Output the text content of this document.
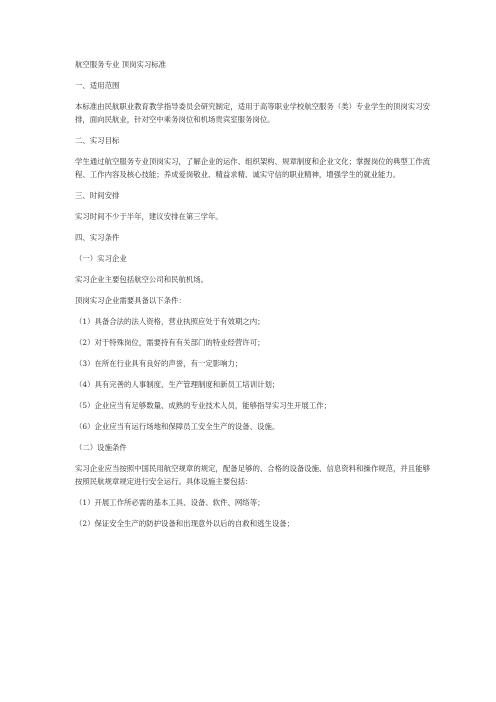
航空服务专业 顶岗实习标准

一、适用范围

本标准由民航职业教育教学指导委员会研究制定，适用于高等职业学校航空服务（类）专业学生的顶岗实习安排，面向民航业，针对空中乘务岗位和机场贵宾室服务岗位。

二、实习目标

学生通过航空服务专业顶岗实习，了解企业的运作、组织架构、规章制度和企业文化；掌握岗位的典型工作流程、工作内容及核心技能；养成爱岗敬业、精益求精、诚实守信的职业精神，增强学生的就业能力。

三、时间安排

实习时间不少于半年，建议安排在第三学年。

四、实习条件

（一）实习企业

实习企业主要包括航空公司和民航机场。

顶岗实习企业需要具备以下条件：

（1）具备合法的法人资格，营业执照应处于有效期之内；

（2）对于特殊岗位，需要持有有关部门的特业经营许可；

（3）在所在行业具有良好的声誉，有一定影响力；

（4）具有完善的人事制度、生产管理制度和新员工培训计划；

（5）企业应当有足够数量、成熟的专业技术人员，能够指导实习生开展工作；

（6）企业应当有运行场地和保障员工安全生产的设备、设施。

（二）设施条件

实习企业应当按照中国民用航空规章的规定，配备足够的、合格的设备设施、信息资料和操作规范，并且能够按照民航规章规定进行安全运行。具体设施主要包括：

（1）开展工作所必需的基本工具、设备、软件、网络等；

（2）保证安全生产的防护设备和出现意外以后的自救和逃生设备；
